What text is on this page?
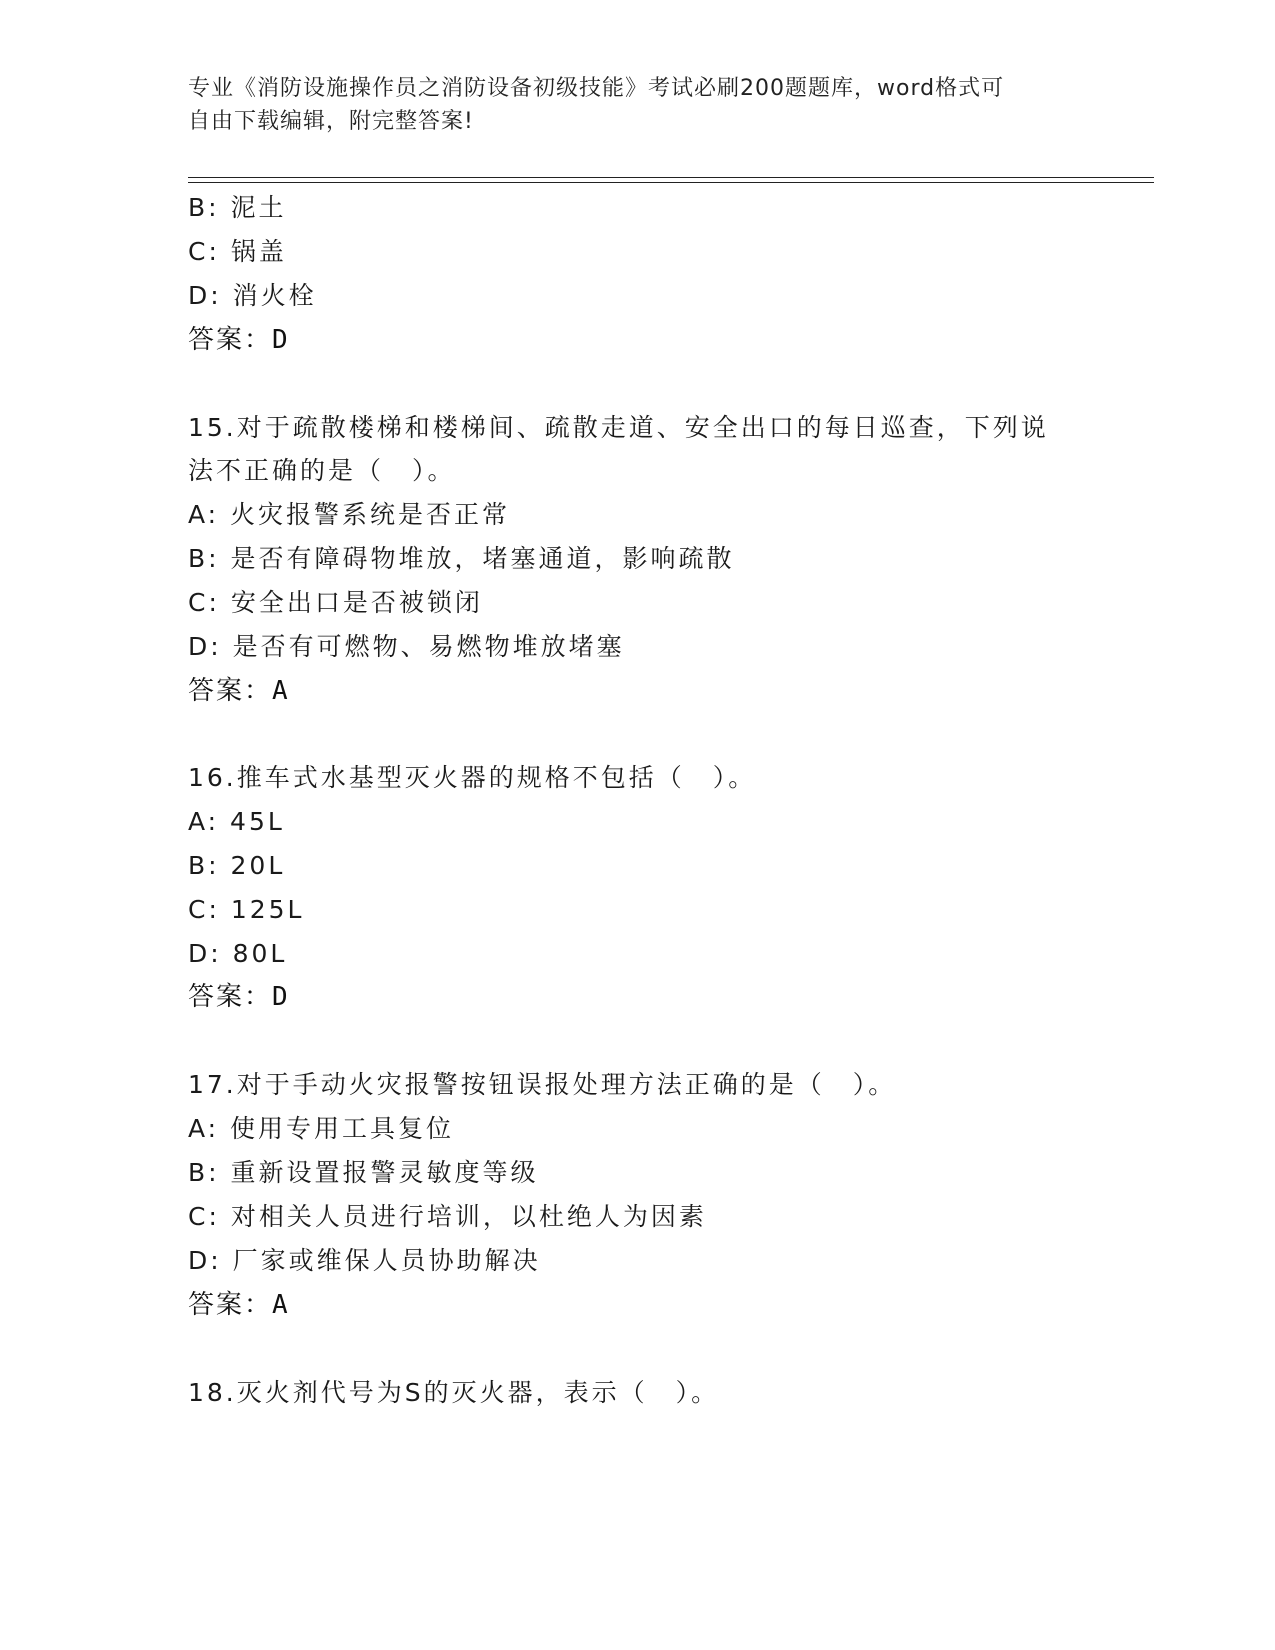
专业《消防设施操作员之消防设备初级技能》考试必刷200题题库，word格式可
自由下载编辑，附完整答案!
B: 泥土
C: 锅盖
D: 消火栓
答案：D
15.对于疏散楼梯和楼梯间、疏散走道、安全出口的每日巡查，下列说
法不正确的是（　）。
A: 火灾报警系统是否正常
B: 是否有障碍物堆放，堵塞通道，影响疏散
C: 安全出口是否被锁闭
D: 是否有可燃物、易燃物堆放堵塞
答案：A
16.推车式水基型灭火器的规格不包括（　）。
A: 45L
B: 20L
C: 125L
D: 80L
答案：D
17.对于手动火灾报警按钮误报处理方法正确的是（　）。
A: 使用专用工具复位
B: 重新设置报警灵敏度等级
C: 对相关人员进行培训，以杜绝人为因素
D: 厂家或维保人员协助解决
答案：A
18.灭火剂代号为S的灭火器，表示（　）。
